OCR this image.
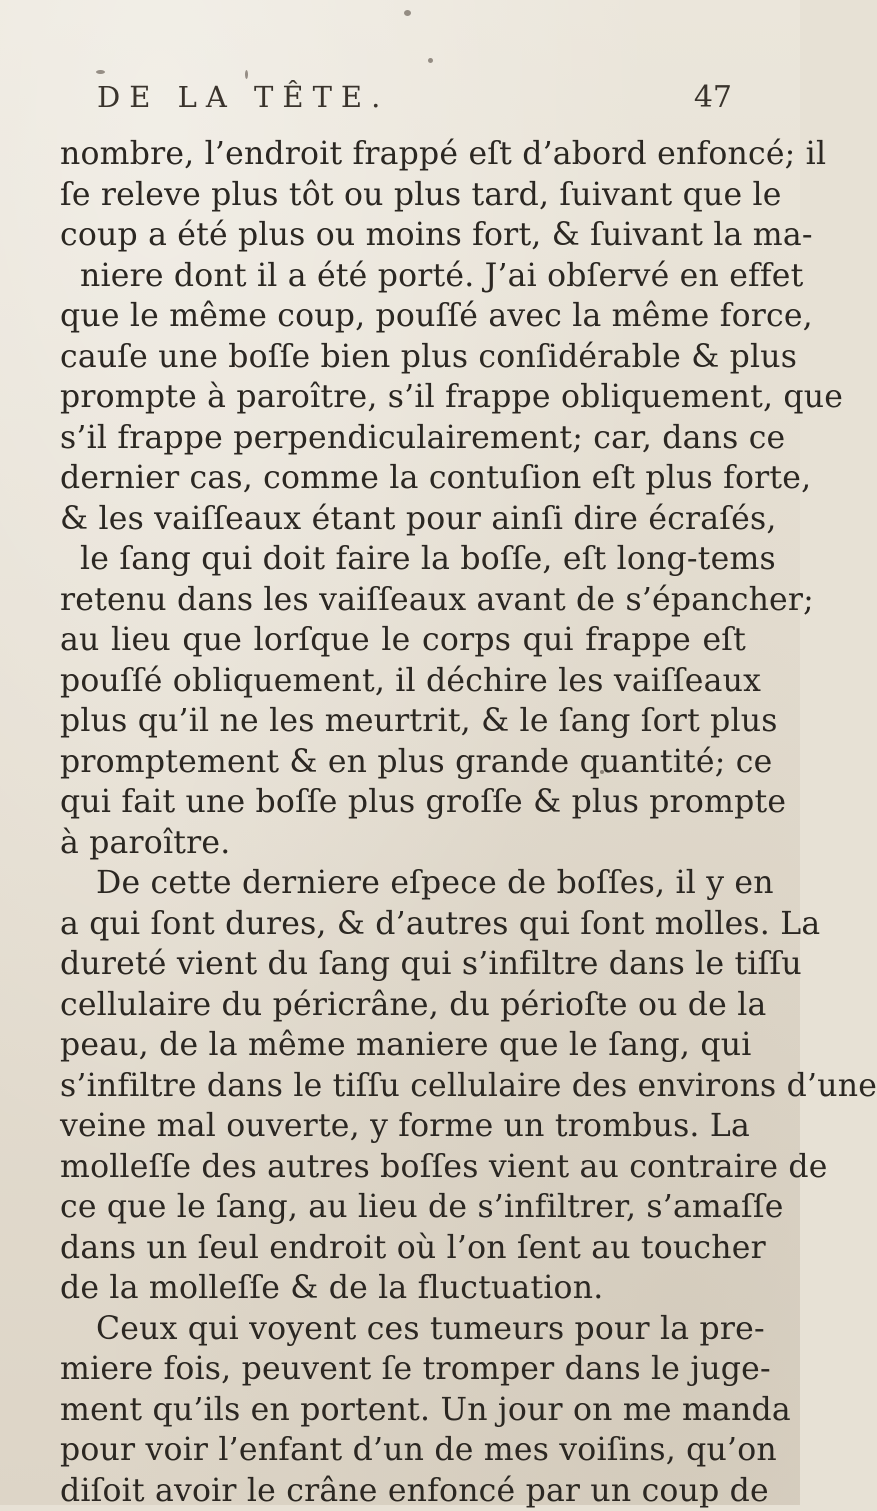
DE LA TÊTE.	47
nombre, l’endroit frappé eſt d’abord enfoncé; il
ſe releve plus tôt ou plus tard, ſuivant que le
coup a été plus ou moins fort, & ſuivant la ma-
niere dont il a été porté. J’ai obſervé en effet
que le même coup, pouſſé avec la même force,
cauſe une boſſe bien plus conſidérable & plus
prompte à paroître, s’il frappe obliquement, que
s’il frappe perpendiculairement; car, dans ce
dernier cas, comme la contuſion eſt plus forte,
& les vaiſſeaux étant pour ainſi dire écraſés,
le ſang qui doit faire la boſſe, eſt long-tems
retenu dans les vaiſſeaux avant de s’épancher;
au lieu que lorſque le corps qui frappe eſt
pouſſé obliquement, il déchire les vaiſſeaux
plus qu’il ne les meurtrit, & le ſang ſort plus
promptement & en plus grande quantité; ce
qui fait une boſſe plus groſſe & plus prompte
à paroître.
De cette derniere eſpece de boſſes, il y en
a qui ſont dures, & d’autres qui ſont molles. La
dureté vient du ſang qui s’infiltre dans le tiſſu
cellulaire du péricrâne, du périoſte ou de la
peau, de la même maniere que le ſang, qui
s’infiltre dans le tiſſu cellulaire des environs d’une
veine mal ouverte, y forme un trombus. La
molleſſe des autres boſſes vient au contraire de
ce que le ſang, au lieu de s’infiltrer, s’amaſſe
dans un ſeul endroit où l’on ſent au toucher
de la molleſſe & de la fluctuation.
Ceux qui voyent ces tumeurs pour la pre-
miere fois, peuvent ſe tromper dans le juge-
ment qu’ils en portent. Un jour on me manda
pour voir l’enfant d’un de mes voiſins, qu’on
diſoit avoir le crâne enfoncé par un coup de
